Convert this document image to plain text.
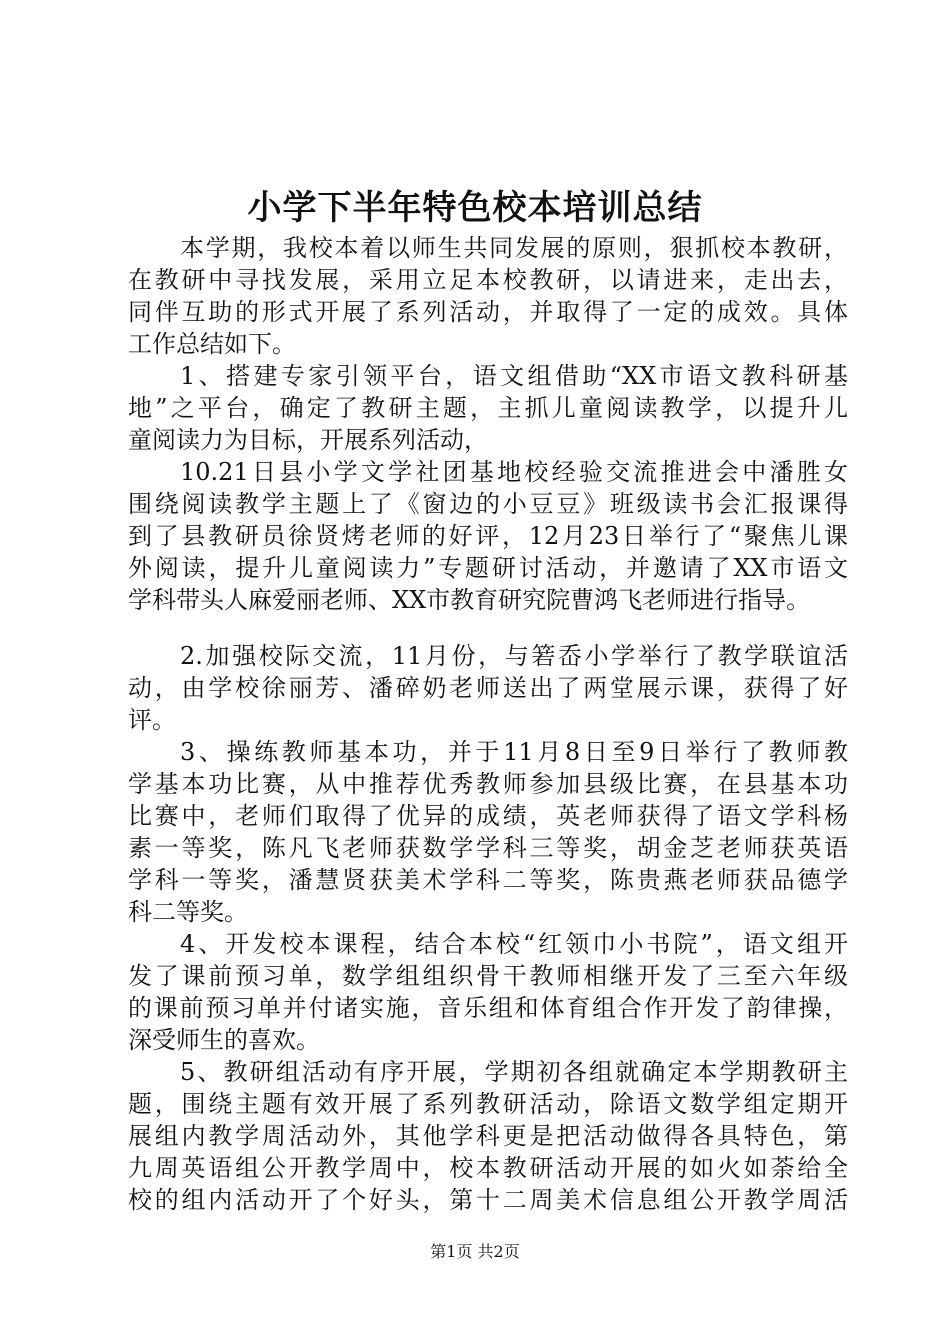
小学下半年特色校本培训总结
本学期，我校本着以师生共同发展的原则，狠抓校本教研，
在教研中寻找发展，采用立足本校教研，以请进来，走出去，
同伴互助的形式开展了系列活动，并取得了一定的成效。具体
工作总结如下。
1、搭建专家引领平台，语文组借助“XX市语文教科研基
地”之平台，确定了教研主题，主抓儿童阅读教学，以提升儿
童阅读力为目标，开展系列活动，
10.21日县小学文学社团基地校经验交流推进会中潘胜女
围绕阅读教学主题上了《窗边的小豆豆》班级读书会汇报课得
到了县教研员徐贤烤老师的好评，12月23日举行了“聚焦儿课
外阅读，提升儿童阅读力”专题研讨活动，并邀请了XX市语文
学科带头人麻爱丽老师、XX市教育研究院曹鸿飞老师进行指导。
2.加强校际交流，11月份，与箬岙小学举行了教学联谊活
动，由学校徐丽芳、潘碎奶老师送出了两堂展示课，获得了好
评。
3、操练教师基本功，并于11月8日至9日举行了教师教
学基本功比赛，从中推荐优秀教师参加县级比赛，在县基本功
比赛中，老师们取得了优异的成绩，英老师获得了语文学科杨
素一等奖，陈凡飞老师获数学学科三等奖，胡金芝老师获英语
学科一等奖，潘慧贤获美术学科二等奖，陈贵燕老师获品德学
科二等奖。
4、开发校本课程，结合本校“红领巾小书院”，语文组开
发了课前预习单，数学组组织骨干教师相继开发了三至六年级
的课前预习单并付诸实施，音乐组和体育组合作开发了韵律操，
深受师生的喜欢。
5、教研组活动有序开展，学期初各组就确定本学期教研主
题，围绕主题有效开展了系列教研活动，除语文数学组定期开
展组内教学周活动外，其他学科更是把活动做得各具特色，第
九周英语组公开教学周中，校本教研活动开展的如火如荼给全
校的组内活动开了个好头，第十二周美术信息组公开教学周活
第1页 共2页
